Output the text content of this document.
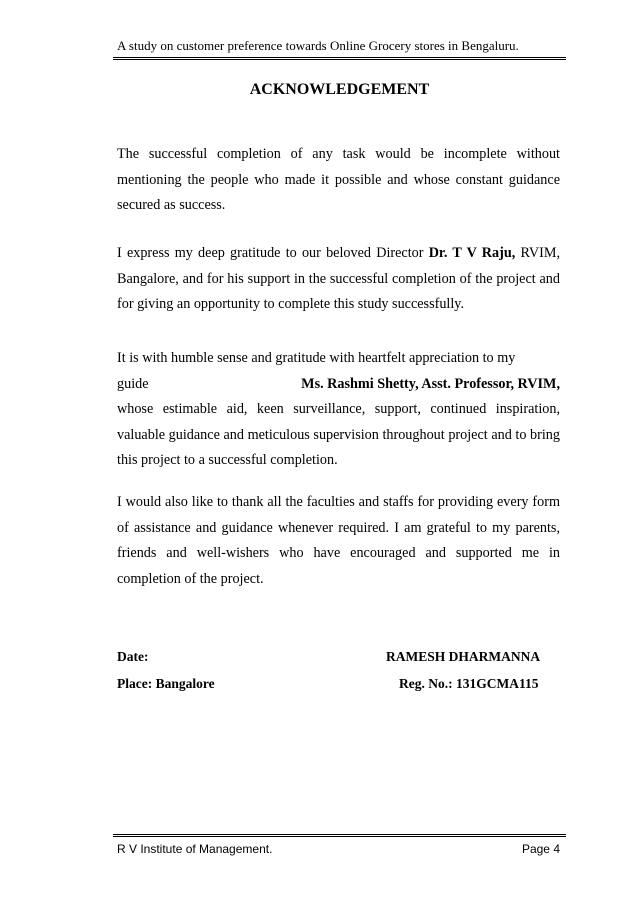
A study on customer preference towards Online Grocery stores in Bengaluru.
ACKNOWLEDGEMENT
The successful completion of any task would be incomplete without mentioning the people who made it possible and whose constant guidance secured as success.
I express my deep gratitude to our beloved Director Dr. T V Raju, RVIM, Bangalore, and for his support in the successful completion of the project and for giving an opportunity to complete this study successfully.
It is with humble sense and gratitude with heartfelt appreciation to my
guide	Ms. Rashmi Shetty, Asst. Professor, RVIM,
whose estimable aid, keen surveillance, support, continued inspiration, valuable guidance and meticulous supervision throughout project and to bring this project to a successful completion.
I would also like to thank all the faculties and staffs for providing every form of assistance and guidance whenever required. I am grateful to my parents, friends and well-wishers who have encouraged and supported me in completion of the project.
Date:
Place: Bangalore
RAMESH DHARMANNA
Reg. No.: 131GCMA115
R V Institute of Management.	Page 4
